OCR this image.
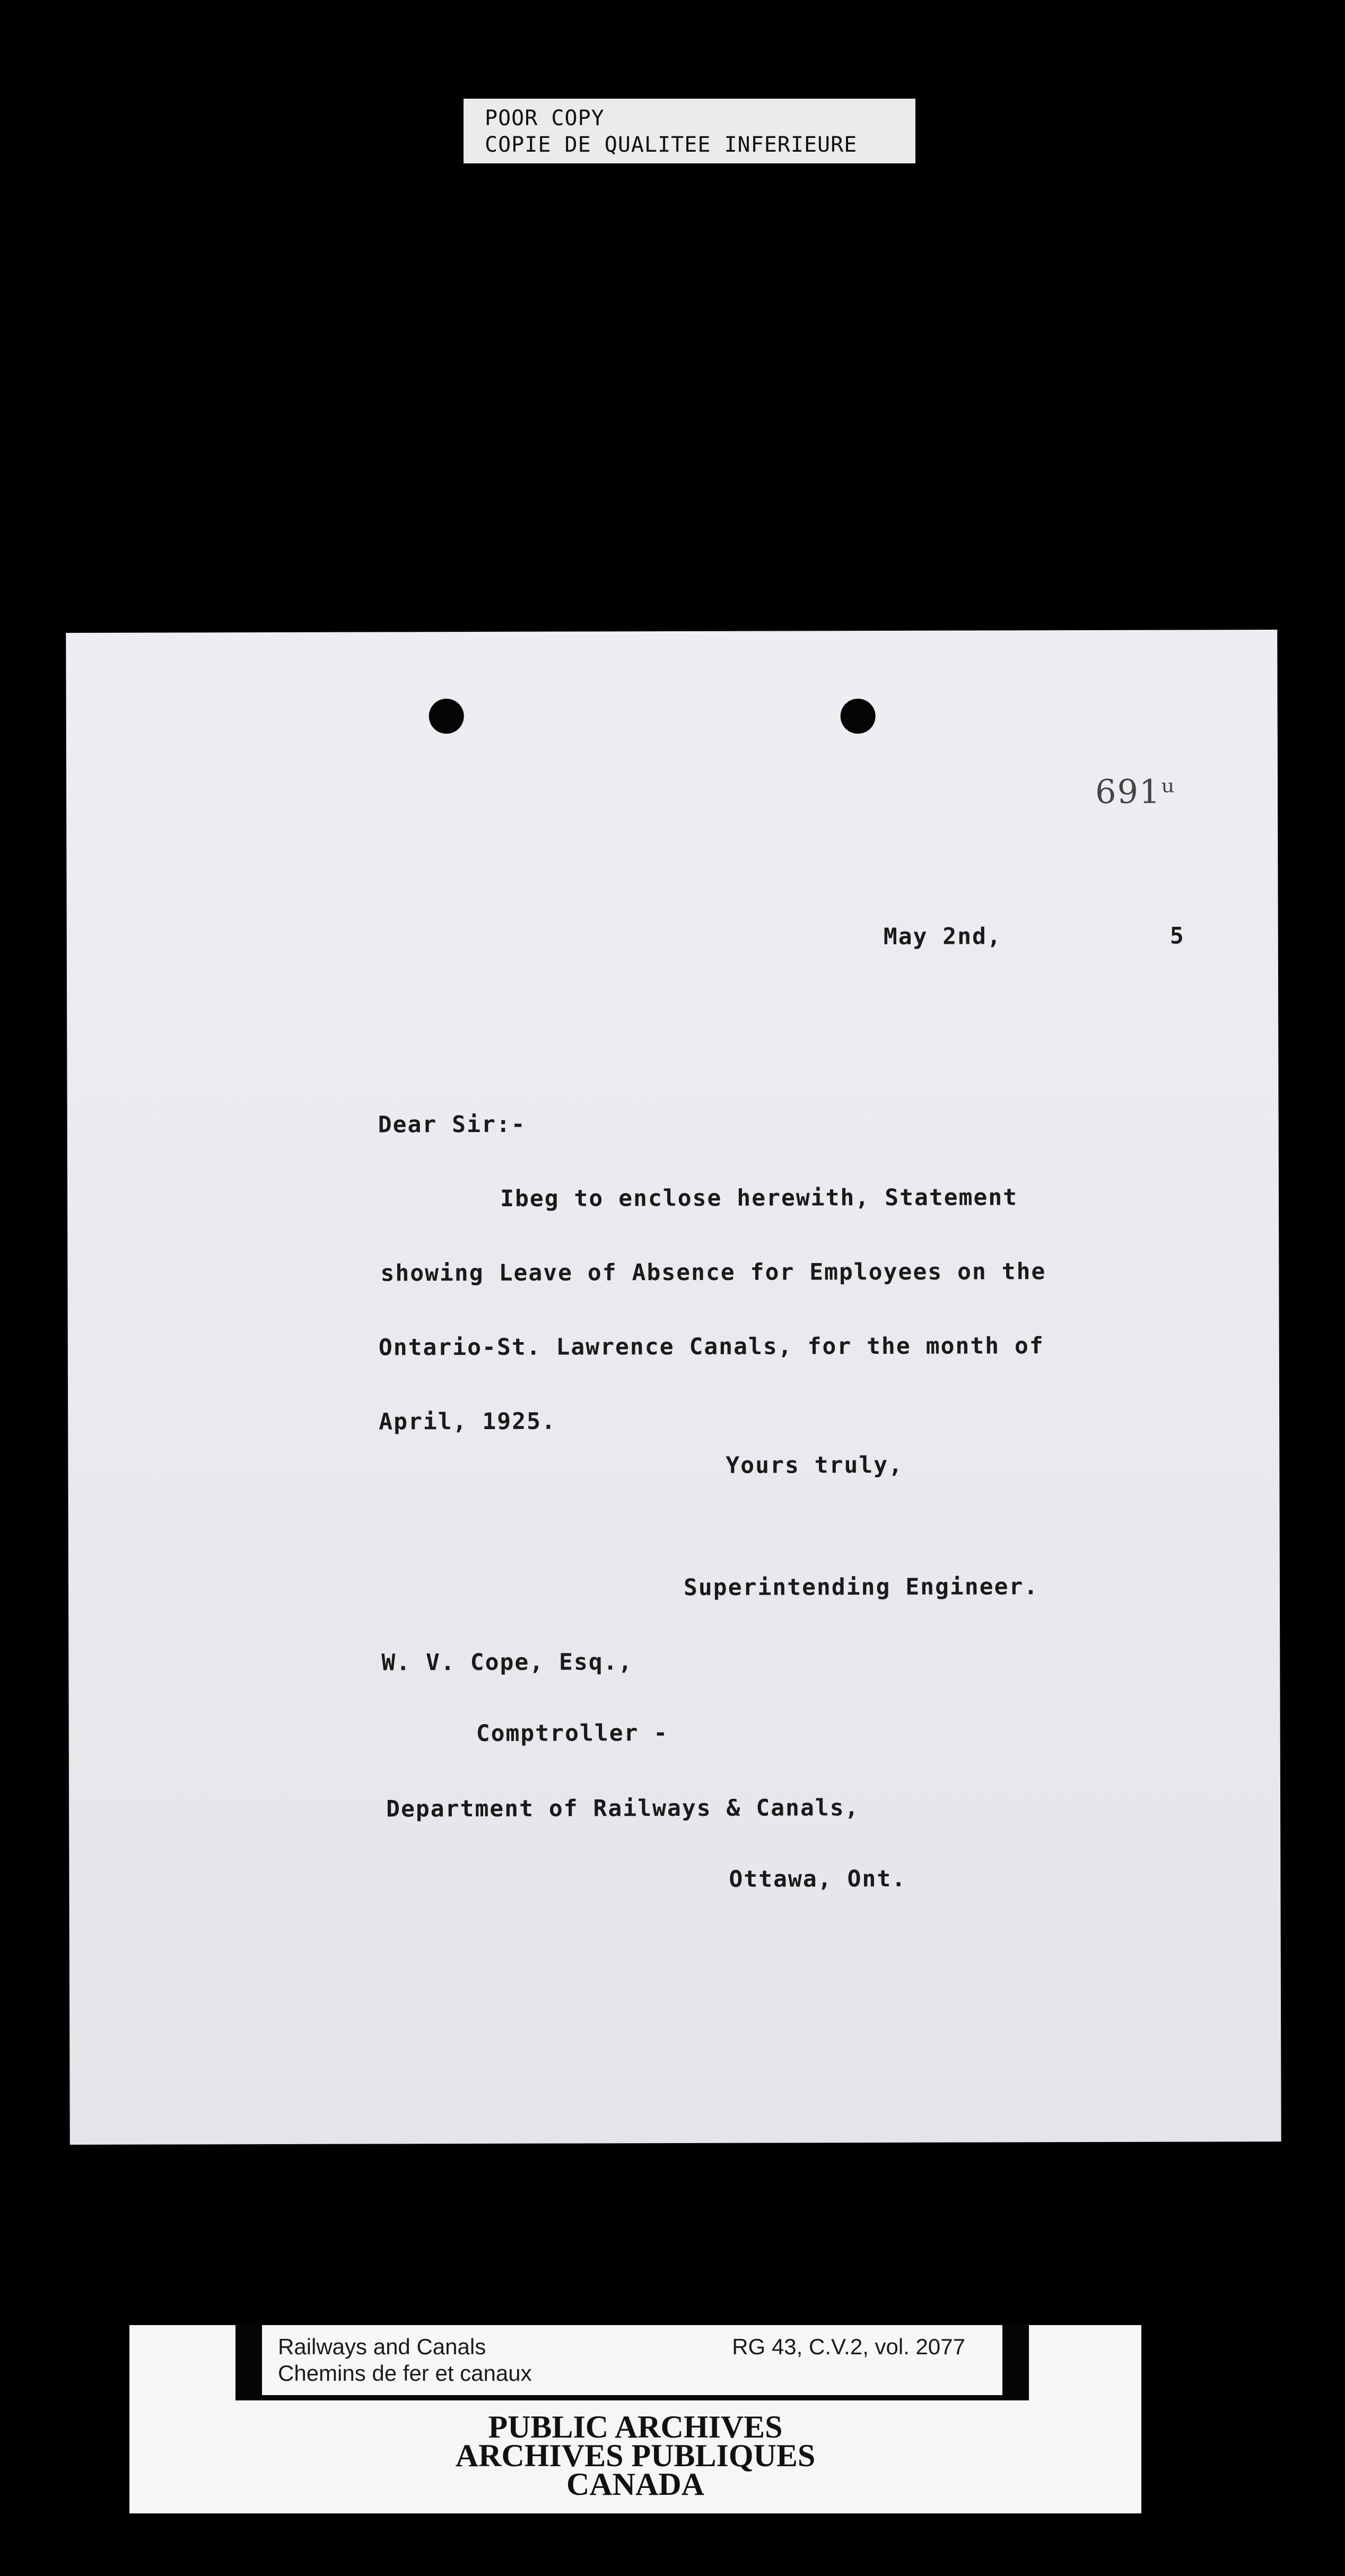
POOR COPY
COPIE DE QUALITEE INFERIEURE
691ᵘ
May 2nd,	5
Dear Sir:-
Ibeg to enclose herewith, Statement
showing Leave of Absence for Employees on the
Ontario-St. Lawrence Canals, for the month of
April, 1925.
Yours truly,
Superintending Engineer.
W. V. Cope, Esq.,
Comptroller -
Department of Railways & Canals,
Ottawa, Ont.
Railways and Canals
Chemins de fer et canaux
RG 43, C.V.2, vol. 2077
PUBLIC ARCHIVES
ARCHIVES PUBLIQUES
CANADA
